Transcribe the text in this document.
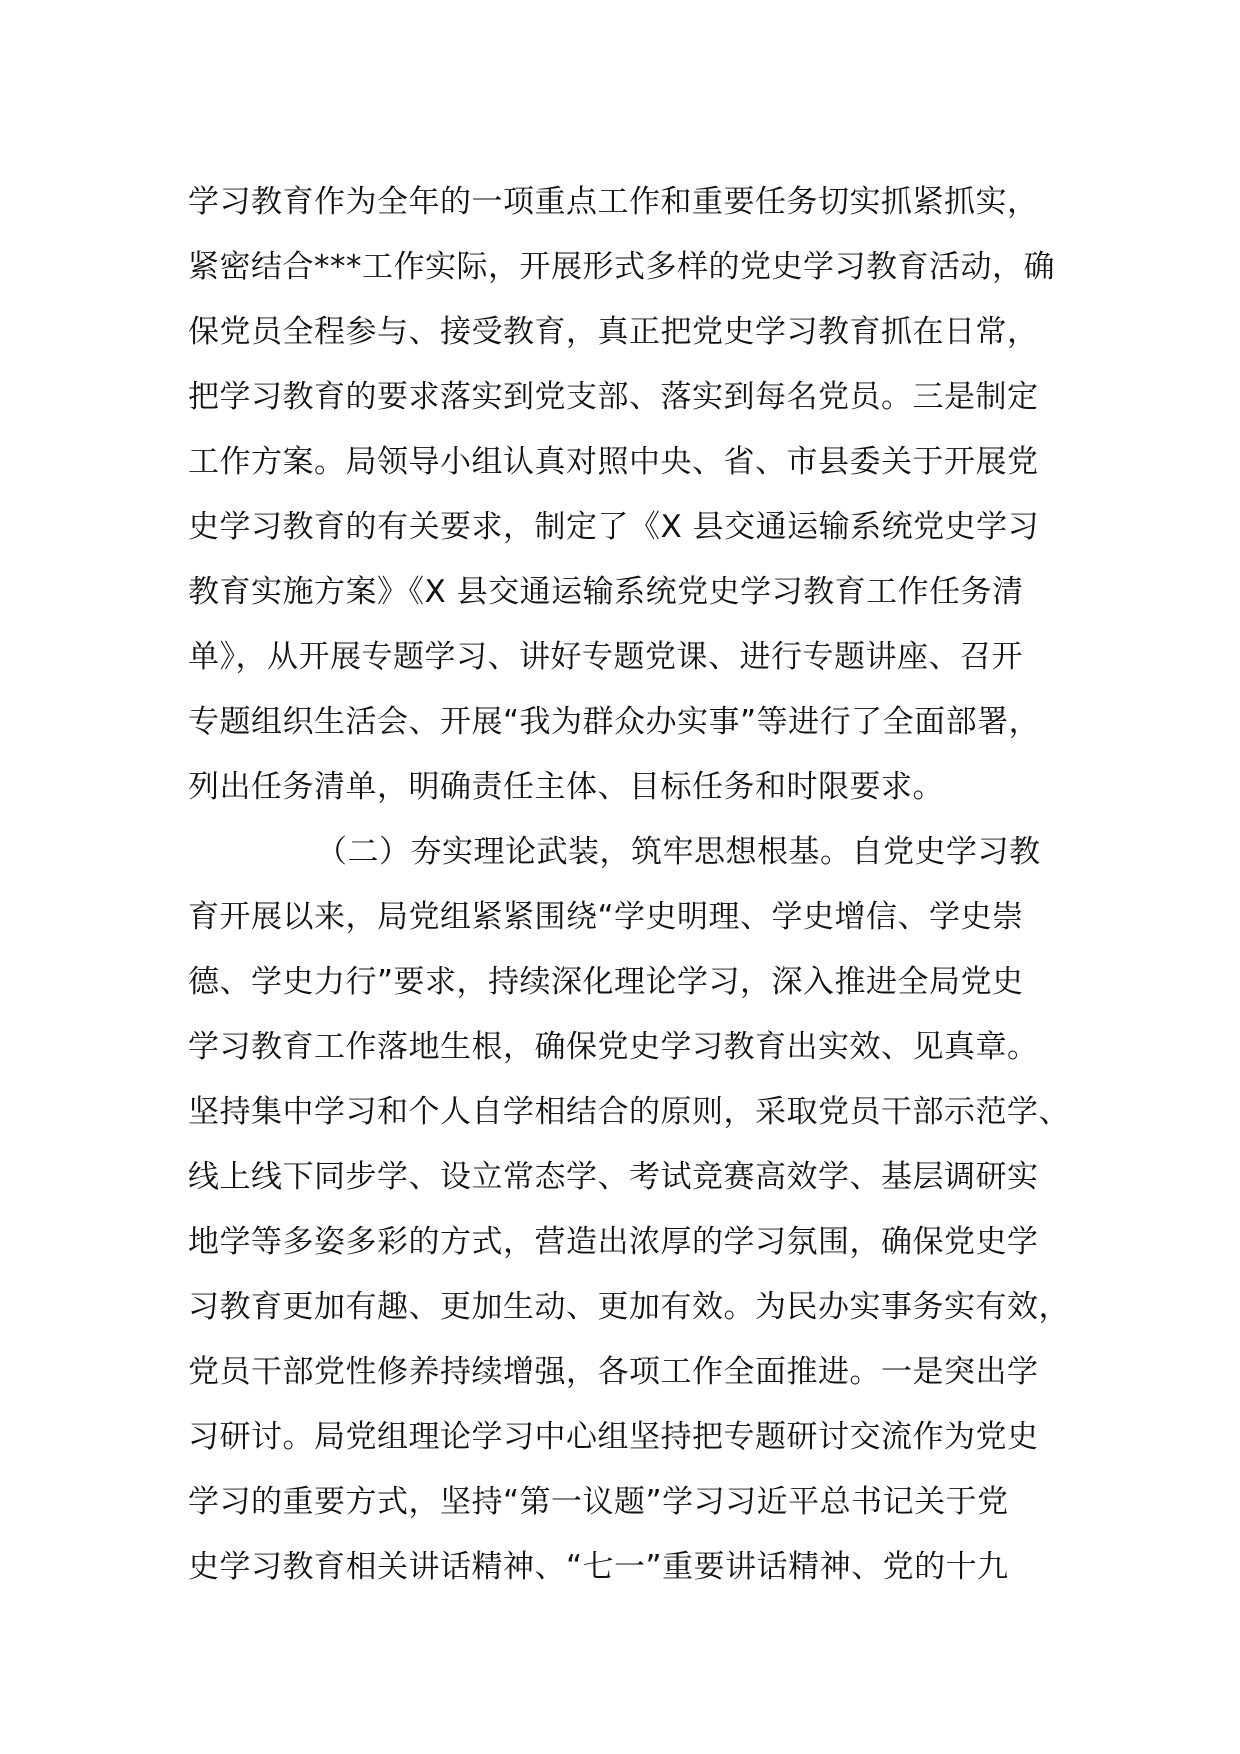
学习教育作为全年的一项重点工作和重要任务切实抓紧抓实，
紧密结合***工作实际，开展形式多样的党史学习教育活动，确
保党员全程参与、接受教育，真正把党史学习教育抓在日常，
把学习教育的要求落实到党支部、落实到每名党员。三是制定
工作方案。局领导小组认真对照中央、省、市县委关于开展党
史学习教育的有关要求，制定了《X 县交通运输系统党史学习
教育实施方案》《X 县交通运输系统党史学习教育工作任务清
单》，从开展专题学习、讲好专题党课、进行专题讲座、召开
专题组织生活会、开展“我为群众办实事”等进行了全面部署，
列出任务清单，明确责任主体、目标任务和时限要求。
（二）夯实理论武装，筑牢思想根基。自党史学习教
育开展以来，局党组紧紧围绕“学史明理、学史增信、学史崇
德、学史力行”要求，持续深化理论学习，深入推进全局党史
学习教育工作落地生根，确保党史学习教育出实效、见真章。
坚持集中学习和个人自学相结合的原则，采取党员干部示范学、
线上线下同步学、设立常态学、考试竞赛高效学、基层调研实
地学等多姿多彩的方式，营造出浓厚的学习氛围，确保党史学
习教育更加有趣、更加生动、更加有效。为民办实事务实有效，
党员干部党性修养持续增强，各项工作全面推进。一是突出学
习研讨。局党组理论学习中心组坚持把专题研讨交流作为党史
学习的重要方式，坚持“第一议题”学习习近平总书记关于党
史学习教育相关讲话精神、“七一”重要讲话精神、党的十九
